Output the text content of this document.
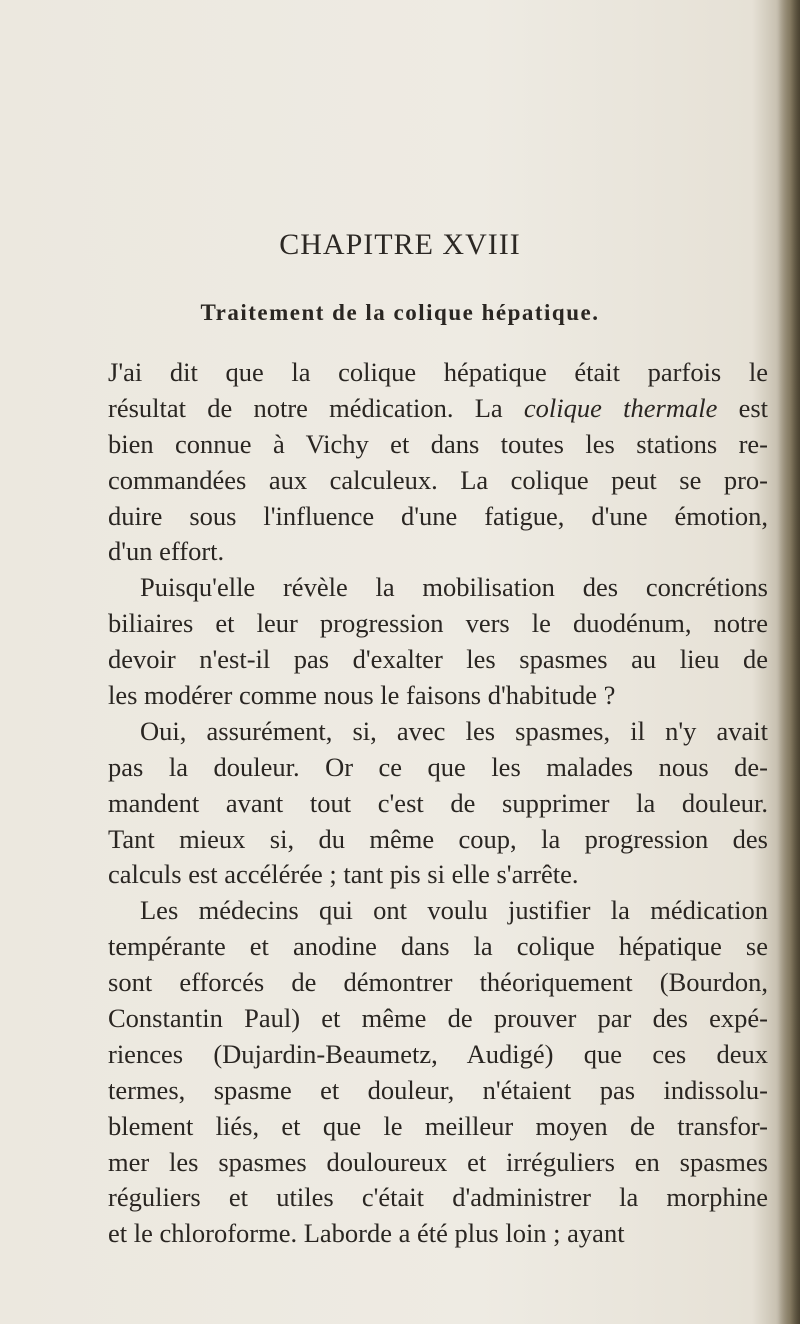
CHAPITRE XVIII
Traitement de la colique hépatique.
J'ai dit que la colique hépatique était parfois le
résultat de notre médication. La colique thermale est
bien connue à Vichy et dans toutes les stations re-
commandées aux calculeux. La colique peut se pro-
duire sous l'influence d'une fatigue, d'une émotion,
d'un effort.
Puisqu'elle révèle la mobilisation des concrétions
biliaires et leur progression vers le duodénum, notre
devoir n'est-il pas d'exalter les spasmes au lieu de
les modérer comme nous le faisons d'habitude ?
Oui, assurément, si, avec les spasmes, il n'y avait
pas la douleur. Or ce que les malades nous de-
mandent avant tout c'est de supprimer la douleur.
Tant mieux si, du même coup, la progression des
calculs est accélérée ; tant pis si elle s'arrête.
Les médecins qui ont voulu justifier la médication
tempérante et anodine dans la colique hépatique se
sont efforcés de démontrer théoriquement (Bourdon,
Constantin Paul) et même de prouver par des expé-
riences (Dujardin-Beaumetz, Audigé) que ces deux
termes, spasme et douleur, n'étaient pas indissolu-
blement liés, et que le meilleur moyen de transfor-
mer les spasmes douloureux et irréguliers en spasmes
réguliers et utiles c'était d'administrer la morphine
et le chloroforme. Laborde a été plus loin ; ayant
